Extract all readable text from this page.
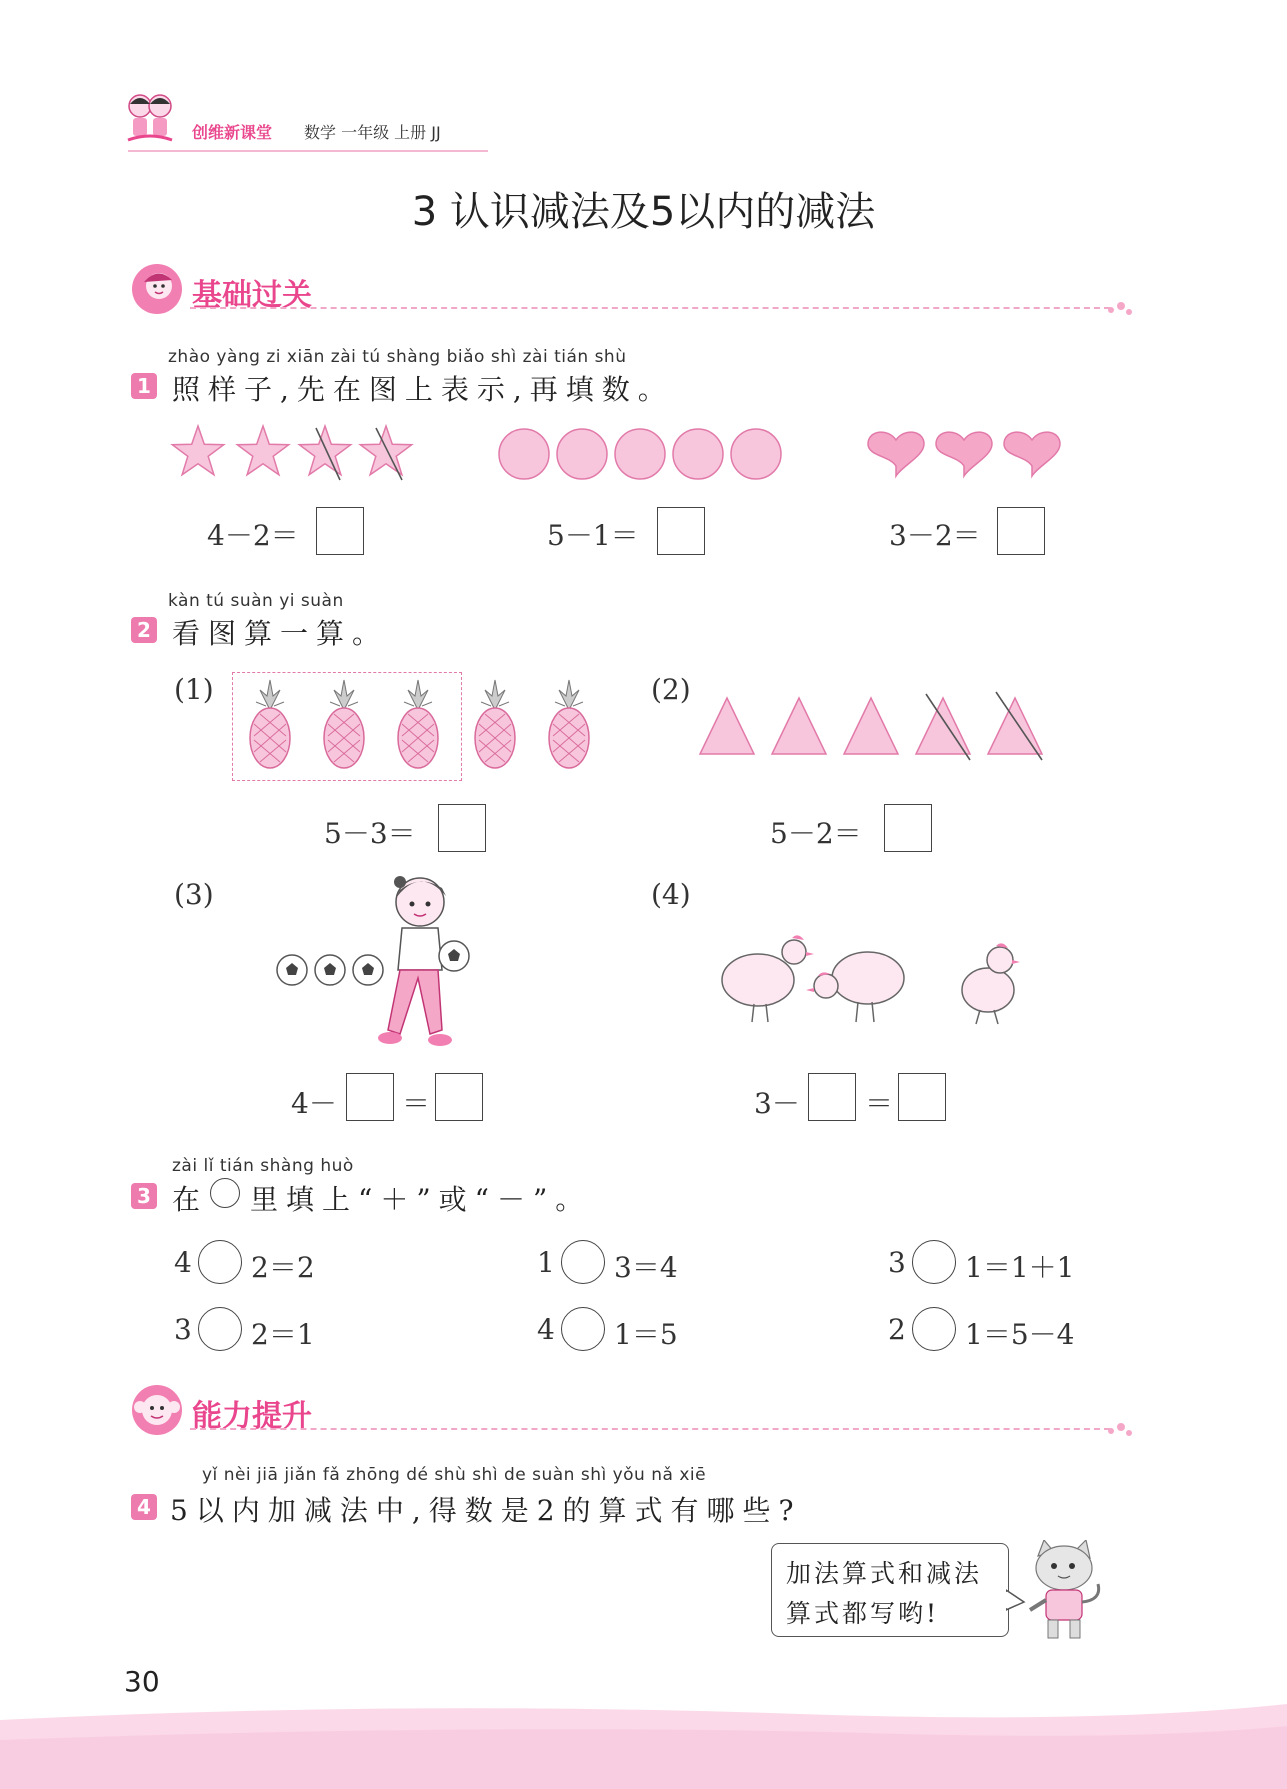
创维新课堂 数学 一年级 上册 JJ
3 认识减法及5以内的减法
基础过关
zhào yàng zi xiān zài tú shàng biǎo shì zài tián shù
1 照样子,先在图上表示,再填数。
4－2＝	5－1＝	3－2＝
kàn tú suàn yi suàn
2 看图算一算。
(1)
5－3＝
(2)
5－2＝
(3)
4－ ＝
(4)
3－ ＝
zài lǐ tián shàng huò
3 在 里填上“＋”或“－”。
4 2＝2	1 3＝4	3 1＝1＋1
3 2＝1	4 1＝5	2 1＝5－4
能力提升
yǐ nèi jiā jiǎn fǎ zhōng dé shù shì de suàn shì yǒu nǎ xiē
4 5以内加减法中,得数是2的算式有哪些?
加法算式和减法
算式都写哟!
30
